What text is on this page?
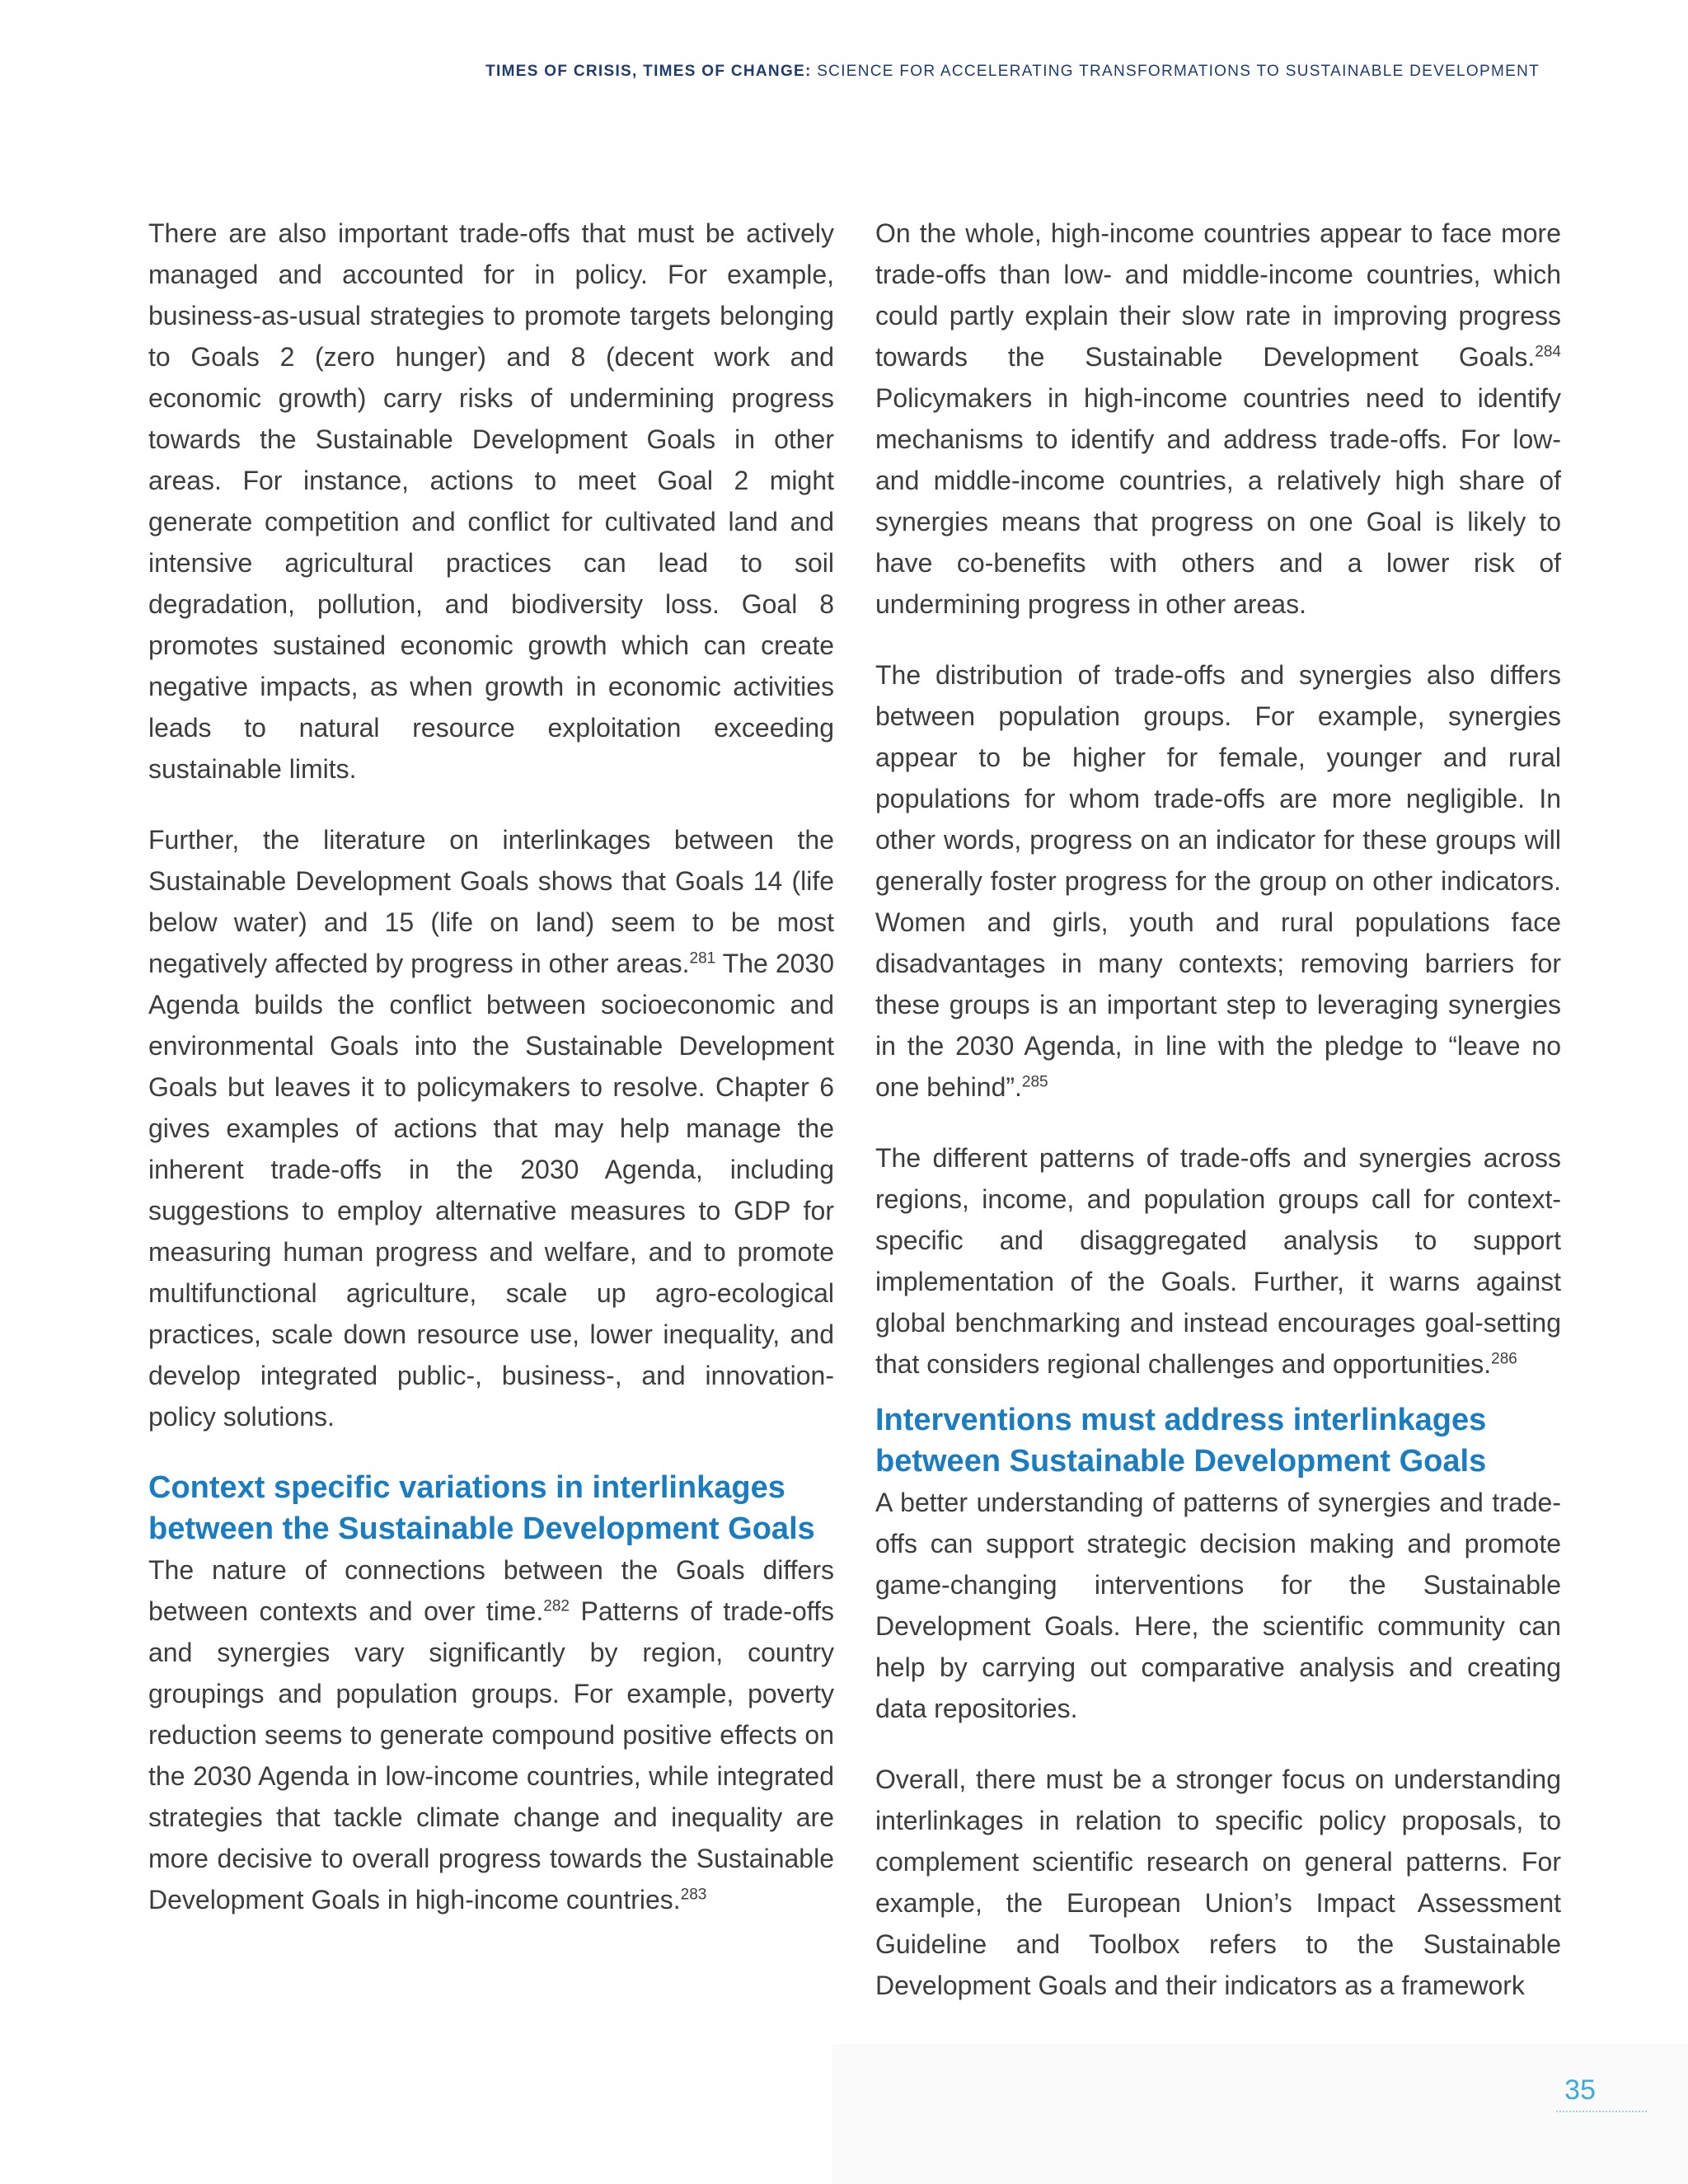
TIMES OF CRISIS, TIMES OF CHANGE: SCIENCE FOR ACCELERATING TRANSFORMATIONS TO SUSTAINABLE DEVELOPMENT

There are also important trade-offs that must be actively managed and accounted for in policy. For example, business-as-usual strategies to promote targets belonging to Goals 2 (zero hunger) and 8 (decent work and economic growth) carry risks of undermining progress towards the Sustainable Development Goals in other areas. For instance, actions to meet Goal 2 might generate competition and conflict for cultivated land and intensive agricultural practices can lead to soil degradation, pollution, and biodiversity loss. Goal 8 promotes sustained economic growth which can create negative impacts, as when growth in economic activities leads to natural resource exploitation exceeding sustainable limits.

Further, the literature on interlinkages between the Sustainable Development Goals shows that Goals 14 (life below water) and 15 (life on land) seem to be most negatively affected by progress in other areas.$^{281}$ The 2030 Agenda builds the conflict between socioeconomic and environmental Goals into the Sustainable Development Goals but leaves it to policymakers to resolve. Chapter 6 gives examples of actions that may help manage the inherent trade-offs in the 2030 Agenda, including suggestions to employ alternative measures to GDP for measuring human progress and welfare, and to promote multifunctional agriculture, scale up agro-ecological practices, scale down resource use, lower inequality, and develop integrated public-, business-, and innovation-policy solutions.

Context specific variations in interlinkages between the Sustainable Development Goals

The nature of connections between the Goals differs between contexts and over time.$^{282}$ Patterns of trade-offs and synergies vary significantly by region, country groupings and population groups. For example, poverty reduction seems to generate compound positive effects on the 2030 Agenda in low-income countries, while integrated strategies that tackle climate change and inequality are more decisive to overall progress towards the Sustainable Development Goals in high-income countries.$^{283}$

On the whole, high-income countries appear to face more trade-offs than low- and middle-income countries, which could partly explain their slow rate in improving progress towards the Sustainable Development Goals.$^{284}$ Policymakers in high-income countries need to identify mechanisms to identify and address trade-offs. For low- and middle-income countries, a relatively high share of synergies means that progress on one Goal is likely to have co-benefits with others and a lower risk of undermining progress in other areas.

The distribution of trade-offs and synergies also differs between population groups. For example, synergies appear to be higher for female, younger and rural populations for whom trade-offs are more negligible. In other words, progress on an indicator for these groups will generally foster progress for the group on other indicators. Women and girls, youth and rural populations face disadvantages in many contexts; removing barriers for these groups is an important step to leveraging synergies in the 2030 Agenda, in line with the pledge to “leave no one behind”.$^{285}$

The different patterns of trade-offs and synergies across regions, income, and population groups call for context-specific and disaggregated analysis to support implementation of the Goals. Further, it warns against global benchmarking and instead encourages goal-setting that considers regional challenges and opportunities.$^{286}$

Interventions must address interlinkages between Sustainable Development Goals

A better understanding of patterns of synergies and trade-offs can support strategic decision making and promote game-changing interventions for the Sustainable Development Goals. Here, the scientific community can help by carrying out comparative analysis and creating data repositories.

Overall, there must be a stronger focus on understanding interlinkages in relation to specific policy proposals, to complement scientific research on general patterns. For example, the European Union’s Impact Assessment Guideline and Toolbox refers to the Sustainable Development Goals and their indicators as a framework

35
